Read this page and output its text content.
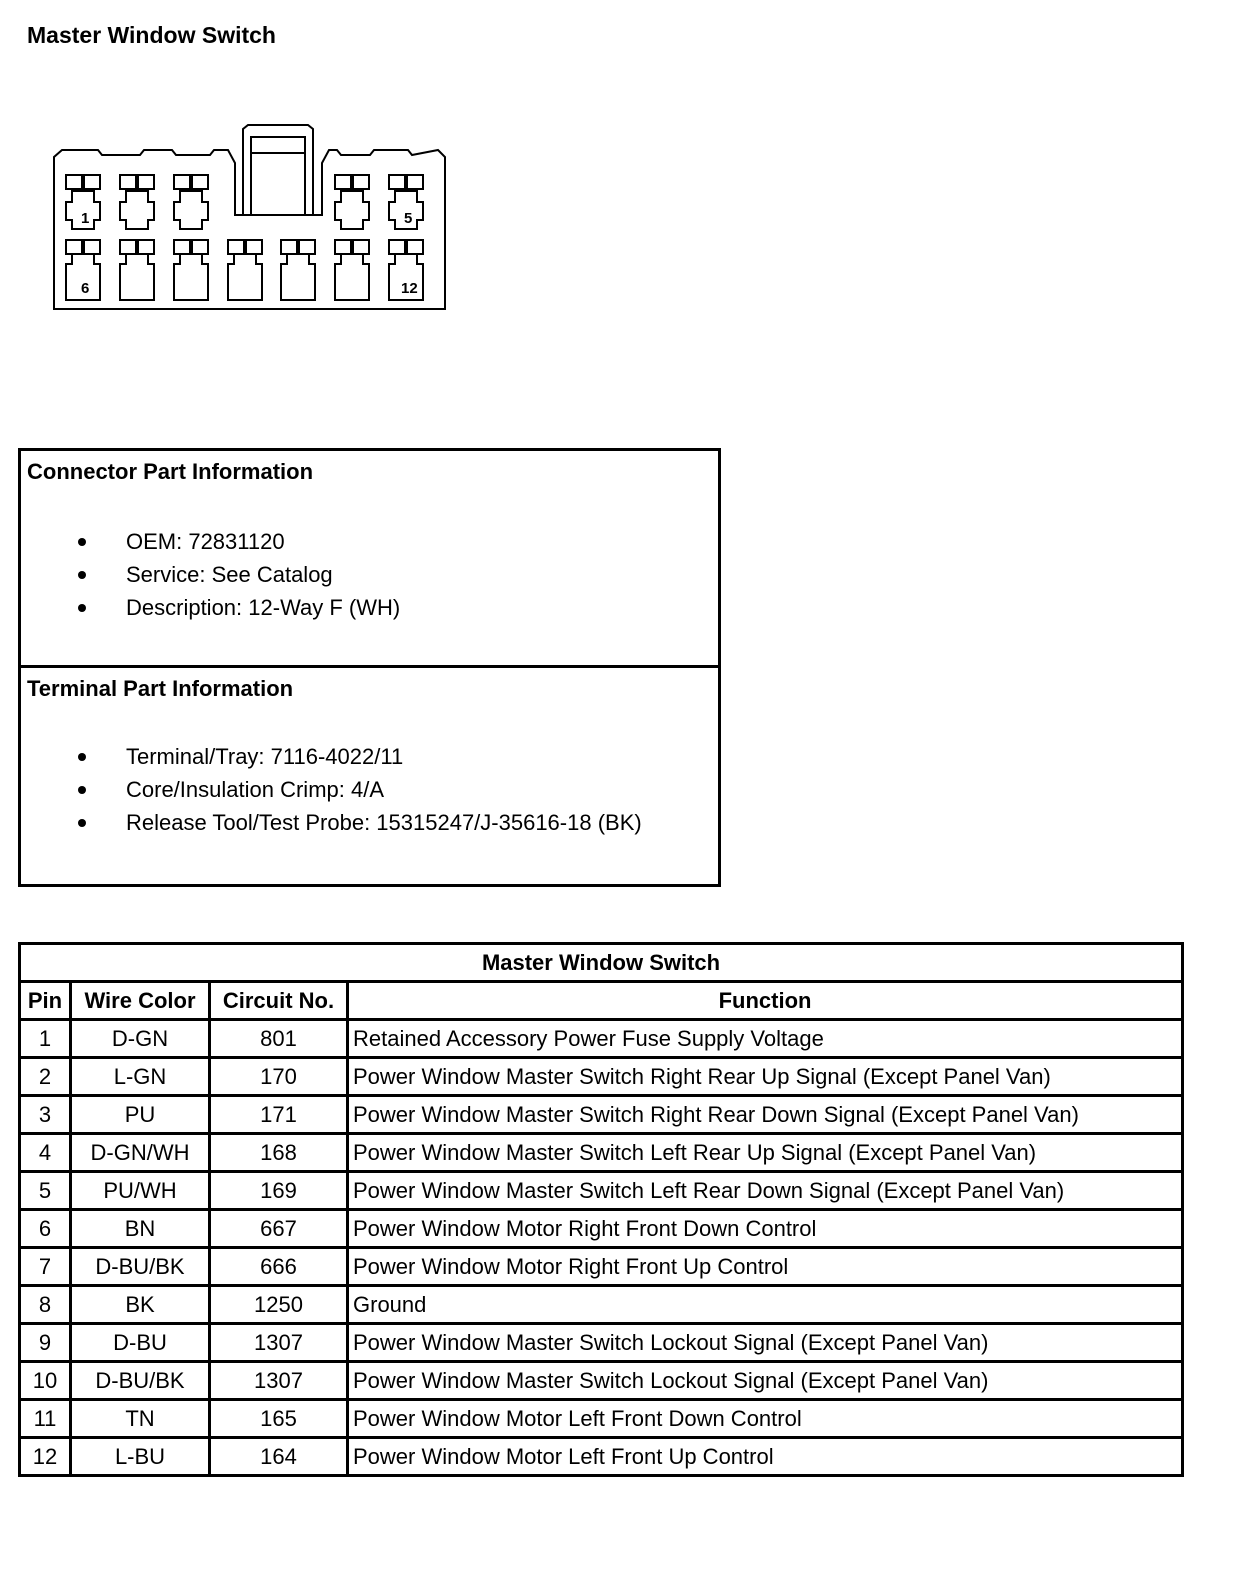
Master Window Switch
1	5
6	12
Connector Part Information
OEM: 72831120
Service: See Catalog
Description: 12-Way F (WH)
Terminal Part Information
Terminal/Tray: 7116-4022/11
Core/Insulation Crimp: 4/A
Release Tool/Test Probe: 15315247/J-35616-18 (BK)
Master Window Switch			
Pin	Wire Color	Circuit No.	Function
1	D-GN	801	Retained Accessory Power Fuse Supply Voltage
2	L-GN	170	Power Window Master Switch Right Rear Up Signal (Except Panel Van)
3	PU	171	Power Window Master Switch Right Rear Down Signal (Except Panel Van)
4	D-GN/WH	168	Power Window Master Switch Left Rear Up Signal (Except Panel Van)
5	PU/WH	169	Power Window Master Switch Left Rear Down Signal (Except Panel Van)
6	BN	667	Power Window Motor Right Front Down Control
7	D-BU/BK	666	Power Window Motor Right Front Up Control
8	BK	1250	Ground
9	D-BU	1307	Power Window Master Switch Lockout Signal (Except Panel Van)
10	D-BU/BK	1307	Power Window Master Switch Lockout Signal (Except Panel Van)
11	TN	165	Power Window Motor Left Front Down Control
12	L-BU	164	Power Window Motor Left Front Up Control
